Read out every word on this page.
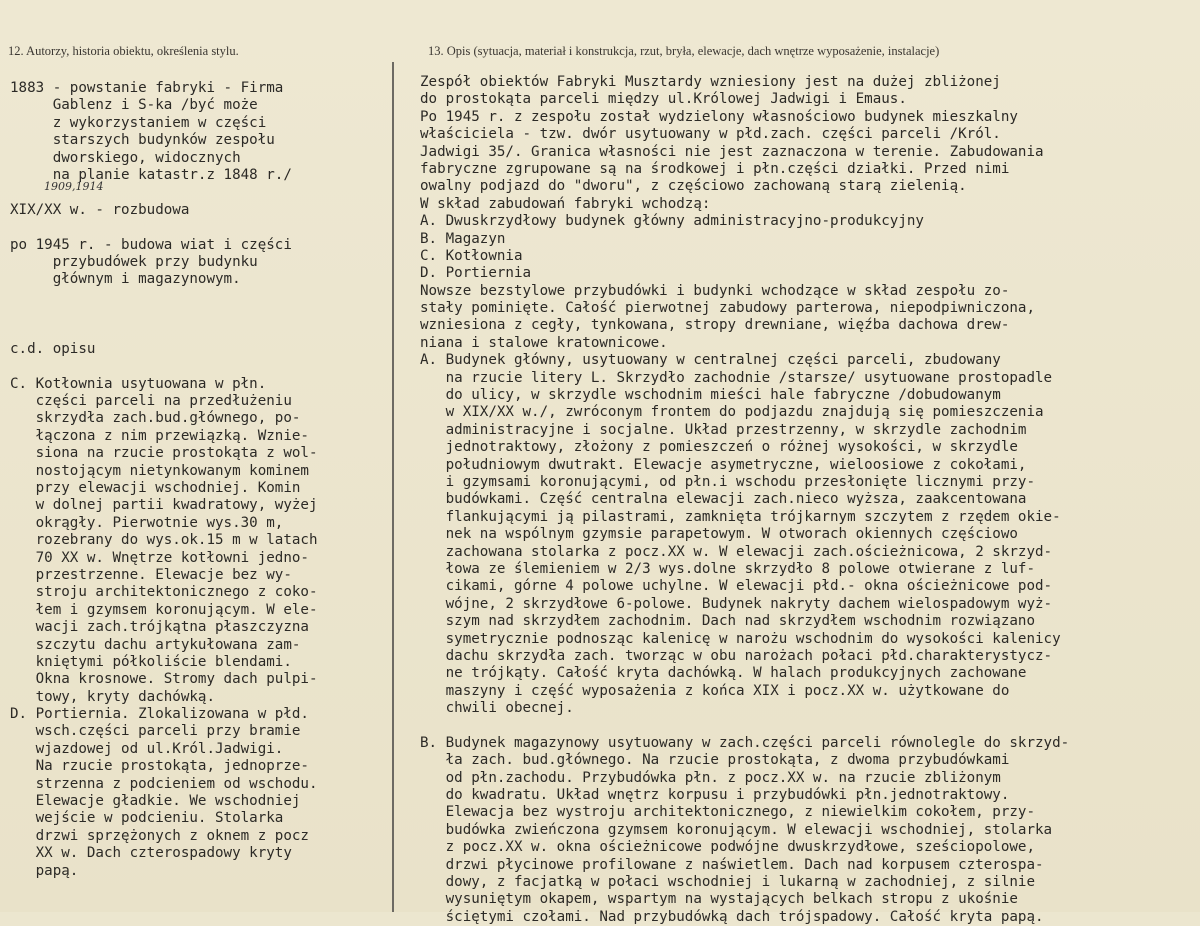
12. Autorzy, historia obiektu, określenia stylu.	13. Opis (sytuacja, materiał i konstrukcja, rzut, bryła, elewacje, dach wnętrze wyposażenie, instalacje)
1909,1914
1883 - powstanie fabryki - Firma
Gablenz i S-ka /być może
z wykorzystaniem w części
starszych budynków zespołu
dworskiego, widocznych
na planie katastr.z 1848 r./
XIX/XX w. - rozbudowa
po 1945 r. - budowa wiat i części
przybudówek przy budynku
głównym i magazynowym.
c.d. opisu
C. Kotłownia usytuowana w płn.
części parceli na przedłużeniu
skrzydła zach.bud.głównego, po-
łączona z nim przewiązką. Wznie-
siona na rzucie prostokąta z wol-
nostojącym nietynkowanym kominem
przy elewacji wschodniej. Komin
w dolnej partii kwadratowy, wyżej
okrągły. Pierwotnie wys.30 m,
rozebrany do wys.ok.15 m w latach
70 XX w. Wnętrze kotłowni jedno-
przestrzenne. Elewacje bez wy-
stroju architektonicznego z coko-
łem i gzymsem koronującym. W ele-
wacji zach.trójkątna płaszczyzna
szczytu dachu artykułowana zam-
kniętymi półkoliście blendami.
Okna krosnowe. Stromy dach pulpi-
towy, kryty dachówką.
D. Portiernia. Zlokalizowana w płd.
wsch.części parceli przy bramie
wjazdowej od ul.Król.Jadwigi.
Na rzucie prostokąta, jednoprze-
strzenna z podcieniem od wschodu.
Elewacje gładkie. We wschodniej
wejście w podcieniu. Stolarka
drzwi sprzężonych z oknem z pocz
XX w. Dach czterospadowy kryty
papą.
Zespół obiektów Fabryki Musztardy wzniesiony jest na dużej zbliżonej
do prostokąta parceli między ul.Królowej Jadwigi i Emaus.
Po 1945 r. z zespołu został wydzielony własnościowo budynek mieszkalny
właściciela - tzw. dwór usytuowany w płd.zach. części parceli /Król.
Jadwigi 35/. Granica własności nie jest zaznaczona w terenie. Zabudowania
fabryczne zgrupowane są na środkowej i płn.części działki. Przed nimi
owalny podjazd do "dworu", z częściowo zachowaną starą zielenią.
W skład zabudowań fabryki wchodzą:
A. Dwuskrzydłowy budynek główny administracyjno-produkcyjny
B. Magazyn
C. Kotłownia
D. Portiernia
Nowsze bezstylowe przybudówki i budynki wchodzące w skład zespołu zo-
stały pominięte. Całość pierwotnej zabudowy parterowa, niepodpiwniczona,
wzniesiona z cegły, tynkowana, stropy drewniane, więźba dachowa drew-
niana i stalowe kratownicowe.
A. Budynek główny, usytuowany w centralnej części parceli, zbudowany
na rzucie litery L. Skrzydło zachodnie /starsze/ usytuowane prostopadle
do ulicy, w skrzydle wschodnim mieści hale fabryczne /dobudowanym
w XIX/XX w./, zwróconym frontem do podjazdu znajdują się pomieszczenia
administracyjne i socjalne. Układ przestrzenny, w skrzydle zachodnim
jednotraktowy, złożony z pomieszczeń o różnej wysokości, w skrzydle
południowym dwutrakt. Elewacje asymetryczne, wieloosiowe z cokołami,
i gzymsami koronującymi, od płn.i wschodu przesłonięte licznymi przy-
budówkami. Część centralna elewacji zach.nieco wyższa, zaakcentowana
flankującymi ją pilastrami, zamknięta trójkarnym szczytem z rzędem okie-
nek na wspólnym gzymsie parapetowym. W otworach okiennych częściowo
zachowana stolarka z pocz.XX w. W elewacji zach.ościeżnicowa, 2 skrzyd-
łowa ze ślemieniem w 2/3 wys.dolne skrzydło 8 polowe otwierane z luf-
cikami, górne 4 polowe uchylne. W elewacji płd.- okna ościeżnicowe pod-
wójne, 2 skrzydłowe 6-polowe. Budynek nakryty dachem wielospadowym wyż-
szym nad skrzydłem zachodnim. Dach nad skrzydłem wschodnim rozwiązano
symetrycznie podnosząc kalenicę w narożu wschodnim do wysokości kalenicy
dachu skrzydła zach. tworząc w obu narożach połaci płd.charakterystycz-
ne trójkąty. Całość kryta dachówką. W halach produkcyjnych zachowane
maszyny i część wyposażenia z końca XIX i pocz.XX w. użytkowane do
chwili obecnej.
B. Budynek magazynowy usytuowany w zach.części parceli równolegle do skrzyd-
ła zach. bud.głównego. Na rzucie prostokąta, z dwoma przybudówkami
od płn.zachodu. Przybudówka płn. z pocz.XX w. na rzucie zbliżonym
do kwadratu. Układ wnętrz korpusu i przybudówki płn.jednotraktowy.
Elewacja bez wystroju architektonicznego, z niewielkim cokołem, przy-
budówka zwieńczona gzymsem koronującym. W elewacji wschodniej, stolarka
z pocz.XX w. okna ościeżnicowe podwójne dwuskrzydłowe, sześciopolowe,
drzwi płycinowe profilowane z naświetlem. Dach nad korpusem czterospa-
dowy, z facjatką w połaci wschodniej i lukarną w zachodniej, z silnie
wysuniętym okapem, wspartym na wystających belkach stropu z ukośnie
ściętymi czołami. Nad przybudówką dach trójspadowy. Całość kryta papą.
